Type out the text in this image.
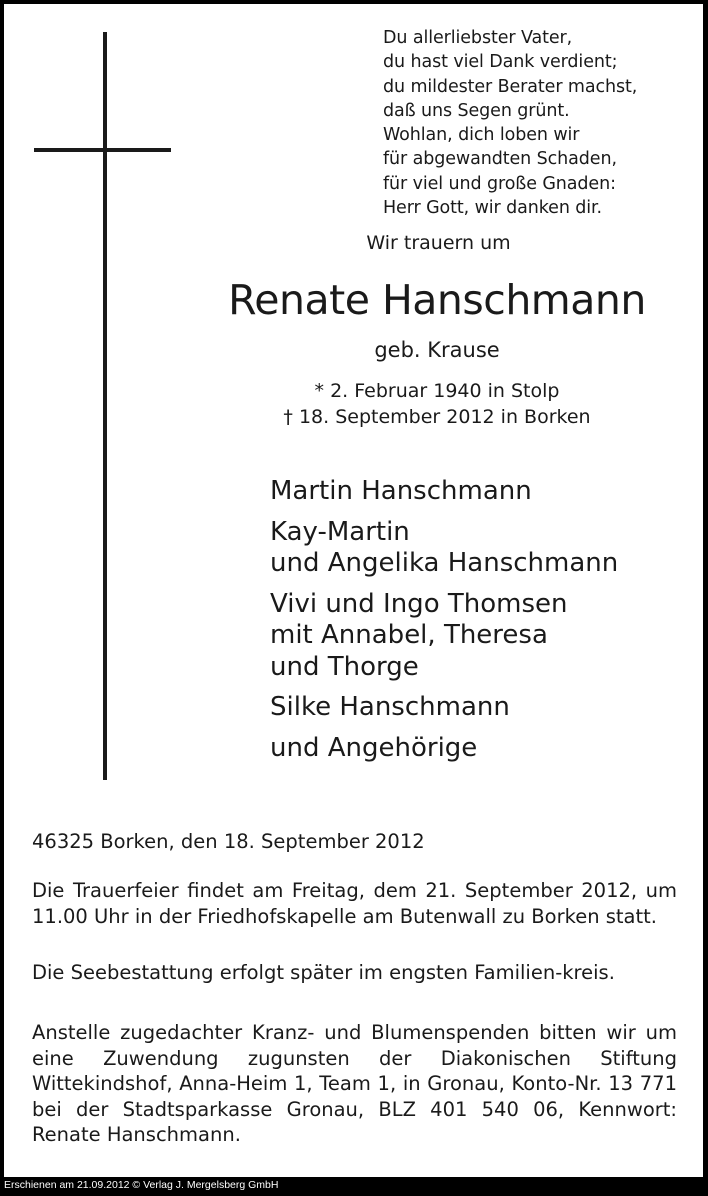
Du allerliebster Vater,
du hast viel Dank verdient;
du mildester Berater machst,
daß uns Segen grünt.
Wohlan, dich loben wir
für abgewandten Schaden,
für viel und große Gnaden:
Herr Gott, wir danken dir.
Wir trauern um
Renate Hanschmann
geb. Krause
* 2. Februar 1940 in Stolp
† 18. September 2012 in Borken
Martin Hanschmann
Kay-Martin
und Angelika Hanschmann
Vivi und Ingo Thomsen
mit Annabel, Theresa
und Thorge
Silke Hanschmann
und Angehörige
46325 Borken, den 18. September 2012

Die Trauerfeier findet am Freitag, dem 21. September 2012, um 11.00 Uhr in der Friedhofskapelle am Butenwall zu Borken statt.

Die Seebestattung erfolgt später im engsten Familien-kreis.

Anstelle zugedachter Kranz- und Blumenspenden bitten wir um eine Zuwendung zugunsten der Diakonischen Stiftung Wittekindshof, Anna-Heim 1, Team 1, in Gronau, Konto-Nr. 13 771 bei der Stadtsparkasse Gronau, BLZ 401 540 06, Kennwort: Renate Hanschmann.

Erschienen am 21.09.2012 © Verlag J. Mergelsberg GmbH
